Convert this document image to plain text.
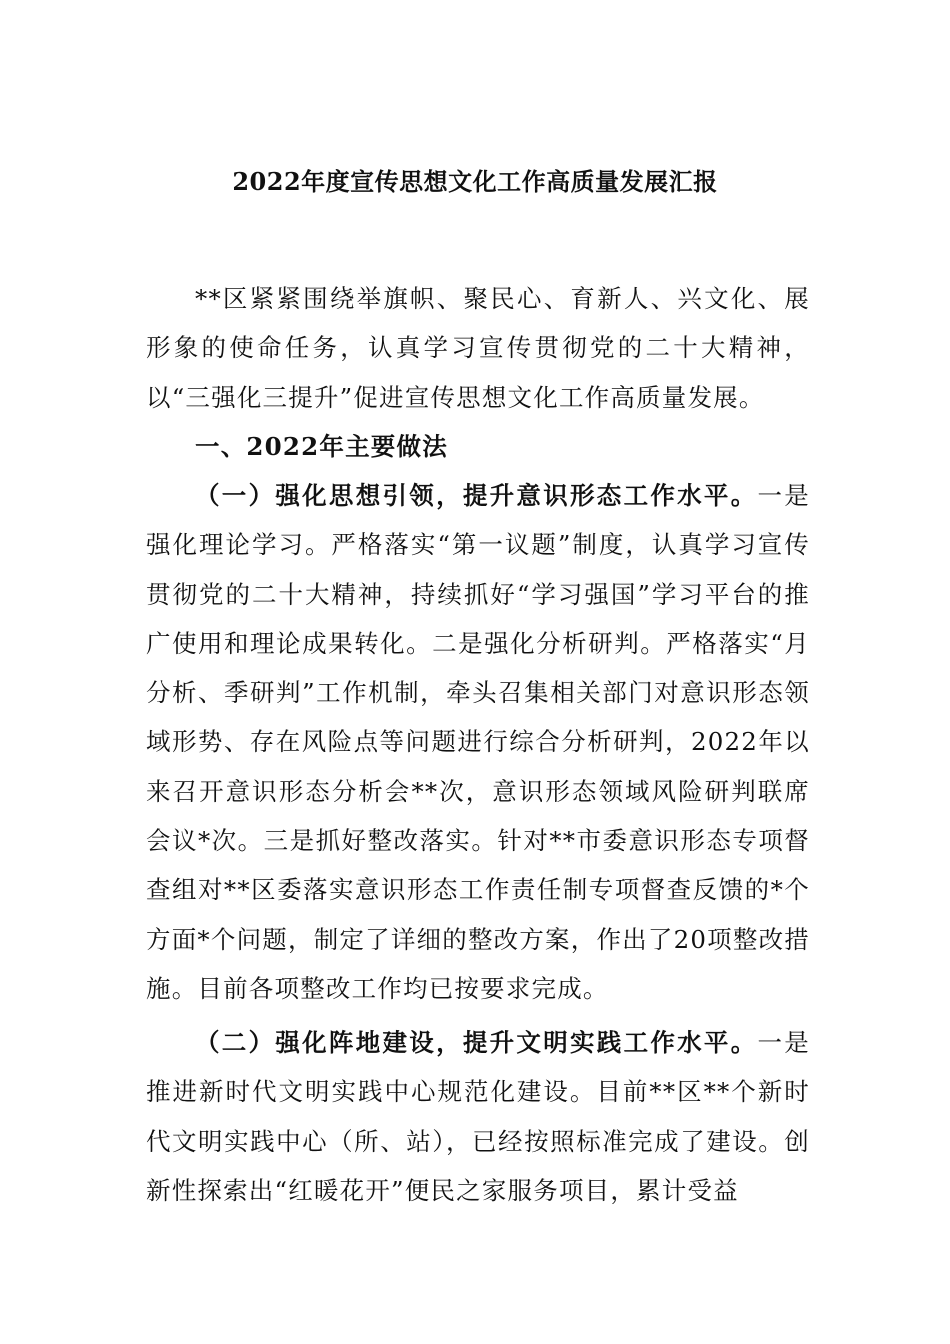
2022年度宣传思想文化工作高质量发展汇报
**区紧紧围绕举旗帜、聚民心、育新人、兴文化、展形象的使命任务，认真学习宣传贯彻党的二十大精神，以“三强化三提升”促进宣传思想文化工作高质量发展。
一、2022年主要做法
（一）强化思想引领，提升意识形态工作水平。一是强化理论学习。严格落实“第一议题”制度，认真学习宣传贯彻党的二十大精神，持续抓好“学习强国”学习平台的推广使用和理论成果转化。二是强化分析研判。严格落实“月分析、季研判”工作机制，牵头召集相关部门对意识形态领域形势、存在风险点等问题进行综合分析研判，2022年以来召开意识形态分析会**次，意识形态领域风险研判联席会议*次。三是抓好整改落实。针对**市委意识形态专项督查组对**区委落实意识形态工作责任制专项督查反馈的*个方面*个问题，制定了详细的整改方案，作出了20项整改措施。目前各项整改工作均已按要求完成。
（二）强化阵地建设，提升文明实践工作水平。一是推进新时代文明实践中心规范化建设。目前**区**个新时代文明实践中心（所、站），已经按照标准完成了建设。创新性探索出“红暖花开”便民之家服务项目，累计受益
